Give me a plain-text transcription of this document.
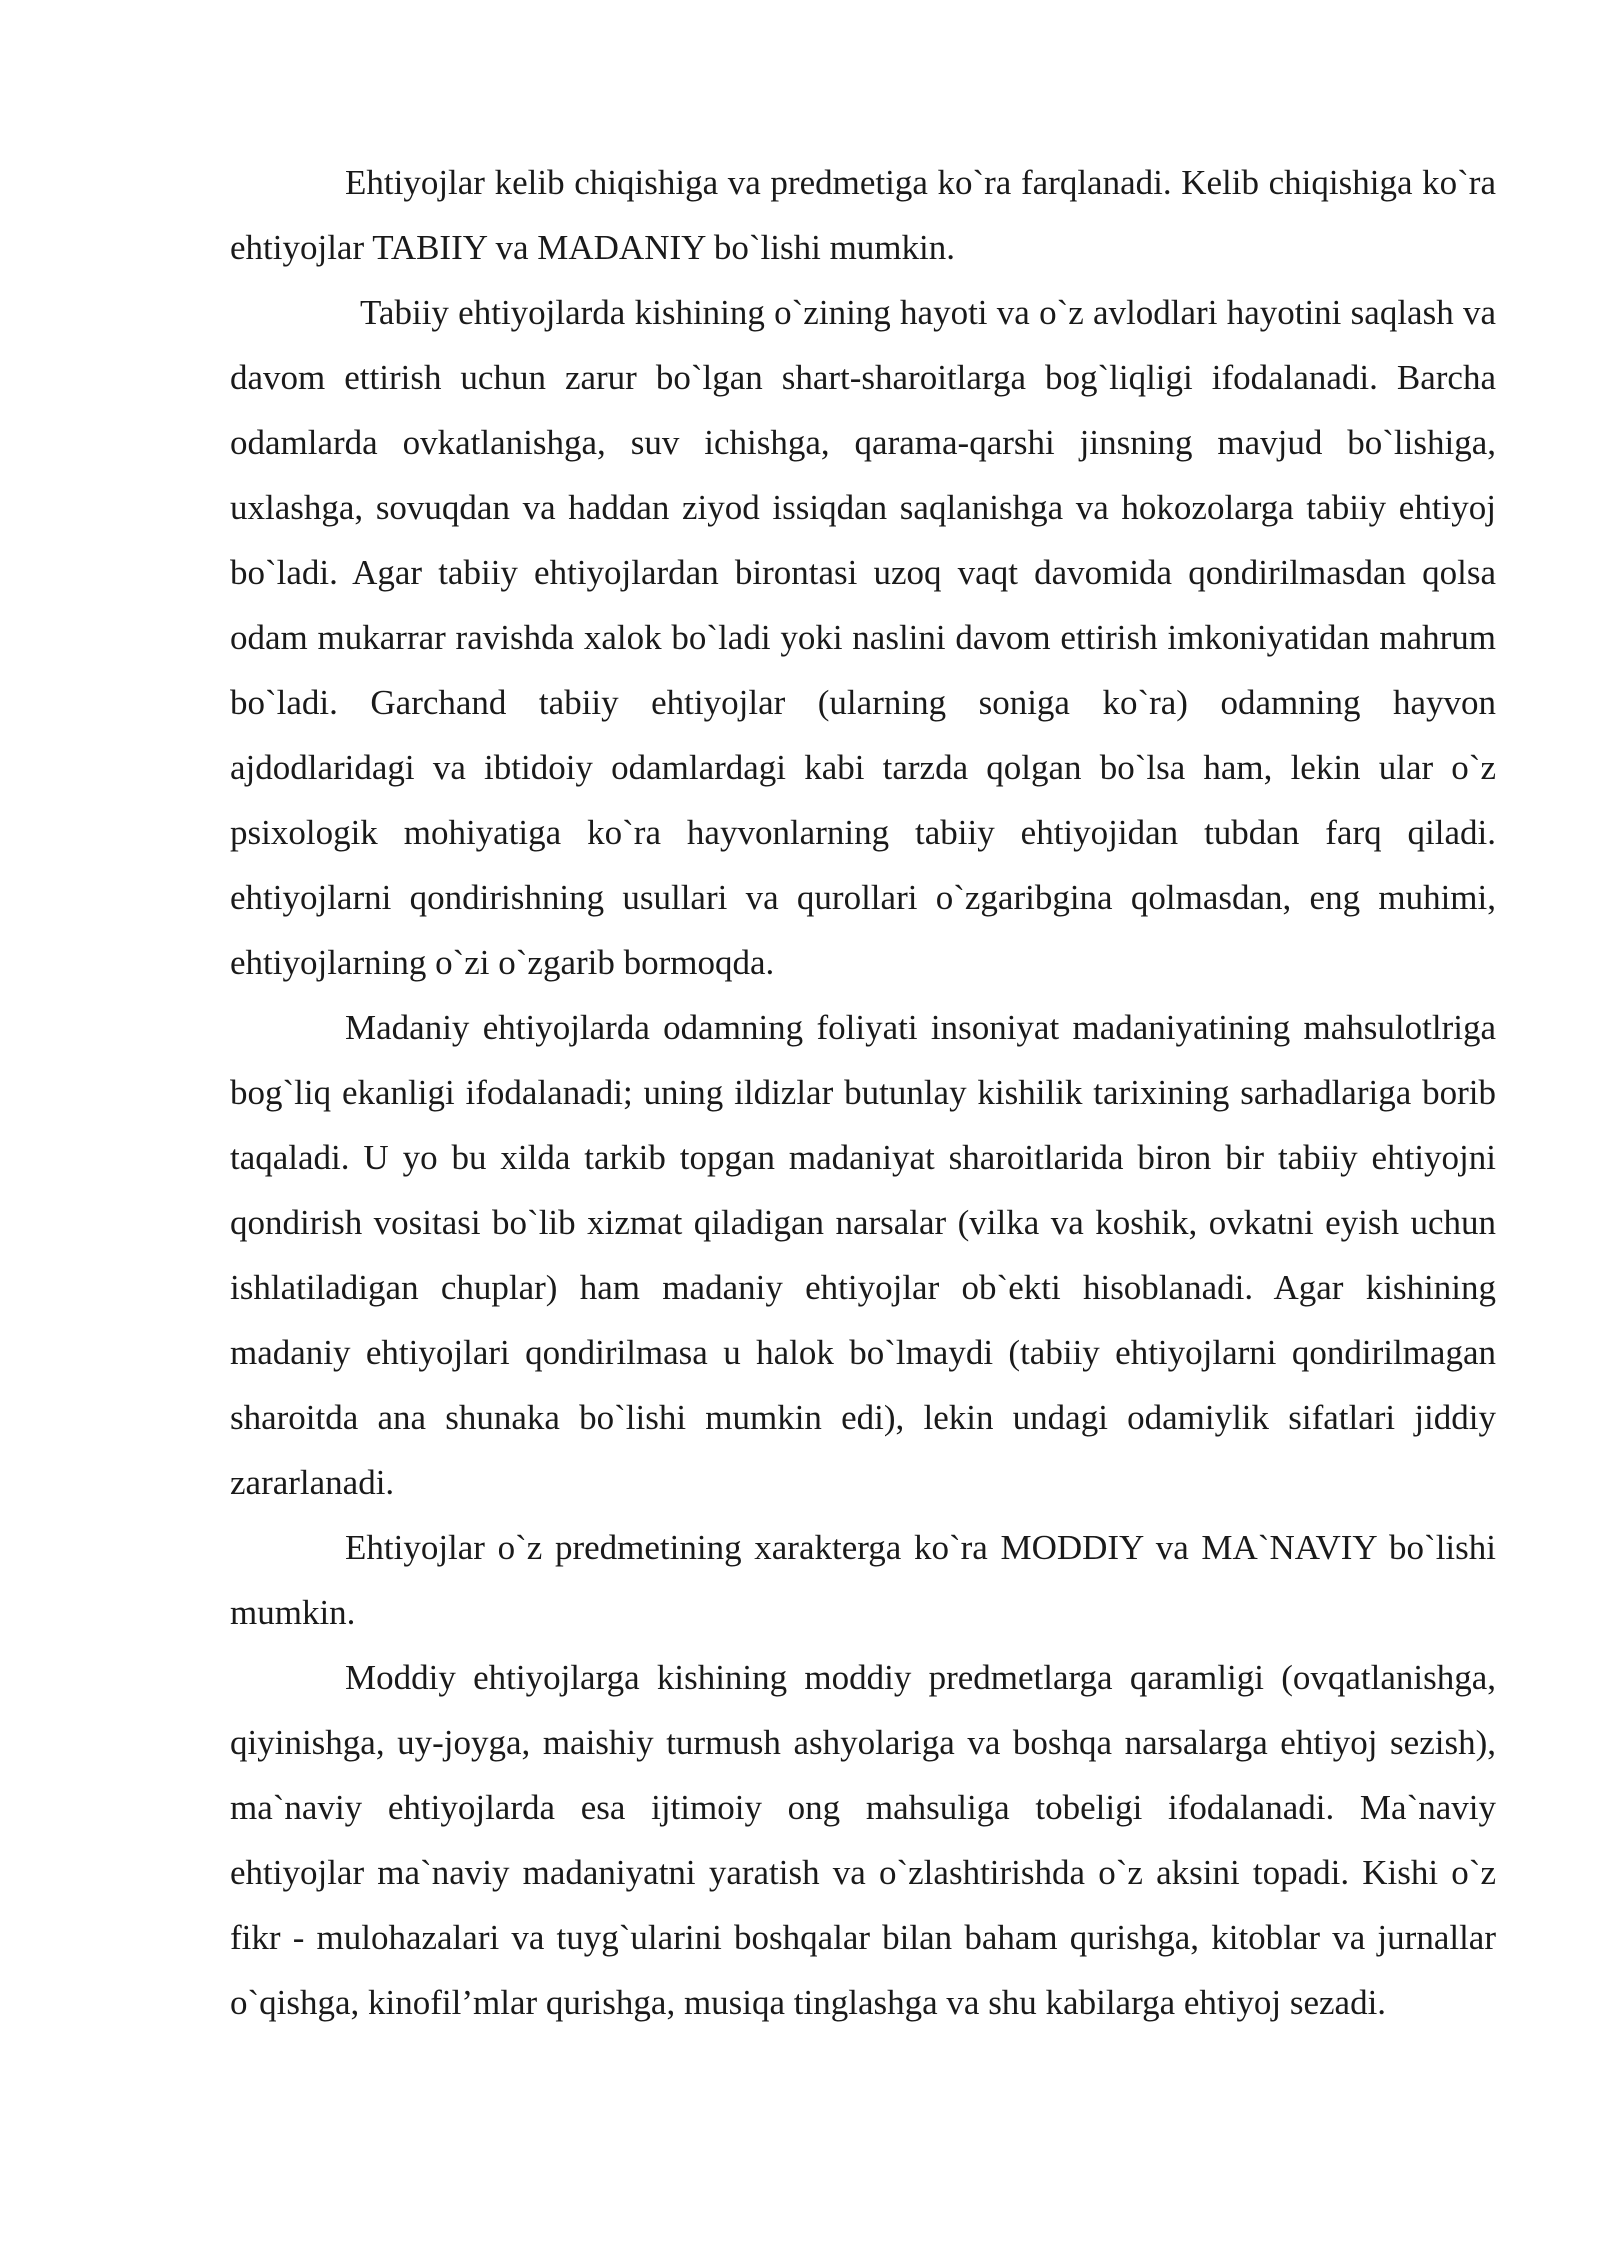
Ehtiyojlar kelib chiqishiga va predmetiga ko`ra farqlanadi. Kelib chiqishiga ko`ra ehtiyojlar TABIIY va MADANIY bo`lishi mumkin.

Tabiiy ehtiyojlarda kishining o`zining hayoti va o`z avlodlari hayotini saqlash va davom ettirish uchun zarur bo`lgan shart-sharoitlarga bog`liqligi ifodalanadi. Barcha odamlarda ovkatlanishga, suv ichishga, qarama-qarshi jinsning mavjud bo`lishiga, uxlashga, sovuqdan va haddan ziyod issiqdan saqlanishga va hokozolarga tabiiy ehtiyoj bo`ladi. Agar tabiiy ehtiyojlardan birontasi uzoq vaqt davomida qondirilmasdan qolsa odam mukarrar ravishda xalok bo`ladi yoki naslini davom ettirish imkoniyatidan mahrum bo`ladi. Garchand tabiiy ehtiyojlar (ularning soniga ko`ra) odamning hayvon ajdodlaridagi va ibtidoiy odamlardagi kabi tarzda qolgan bo`lsa ham, lekin ular o`z psixologik mohiyatiga ko`ra hayvonlarning tabiiy ehtiyojidan tubdan farq qiladi. ehtiyojlarni qondirishning usullari va qurollari o`zgaribgina qolmasdan, eng muhimi, ehtiyojlarning o`zi o`zgarib bormoqda.

Madaniy ehtiyojlarda odamning foliyati insoniyat madaniyatining mahsulotlriga bog`liq ekanligi ifodalanadi; uning ildizlar butunlay kishilik tarixining sarhadlariga borib taqaladi. U yo bu xilda tarkib topgan madaniyat sharoitlarida biron bir tabiiy ehtiyojni qondirish vositasi bo`lib xizmat qiladigan narsalar (vilka va koshik, ovkatni eyish uchun ishlatiladigan chuplar) ham madaniy ehtiyojlar ob`ekti hisoblanadi. Agar kishining madaniy ehtiyojlari qondirilmasa u halok bo`lmaydi (tabiiy ehtiyojlarni qondirilmagan sharoitda ana shunaka bo`lishi mumkin edi), lekin undagi odamiylik sifatlari jiddiy zararlanadi.

Ehtiyojlar o`z predmetining xarakterga ko`ra MODDIY va MA`NAVIY bo`lishi mumkin.

Moddiy ehtiyojlarga kishining moddiy predmetlarga qaramligi (ovqatlanishga, qiyinishga, uy-joyga, maishiy turmush ashyolariga va boshqa narsalarga ehtiyoj sezish), ma`naviy ehtiyojlarda esa ijtimoiy ong mahsuliga tobeligi ifodalanadi. Ma`naviy ehtiyojlar ma`naviy madaniyatni yaratish va o`zlashtirishda o`z aksini topadi. Kishi o`z fikr - mulohazalari va tuyg`ularini boshqalar bilan baham qurishga, kitoblar va jurnallar o`qishga, kinofil’mlar qurishga, musiqa tinglashga va shu kabilarga ehtiyoj sezadi.
